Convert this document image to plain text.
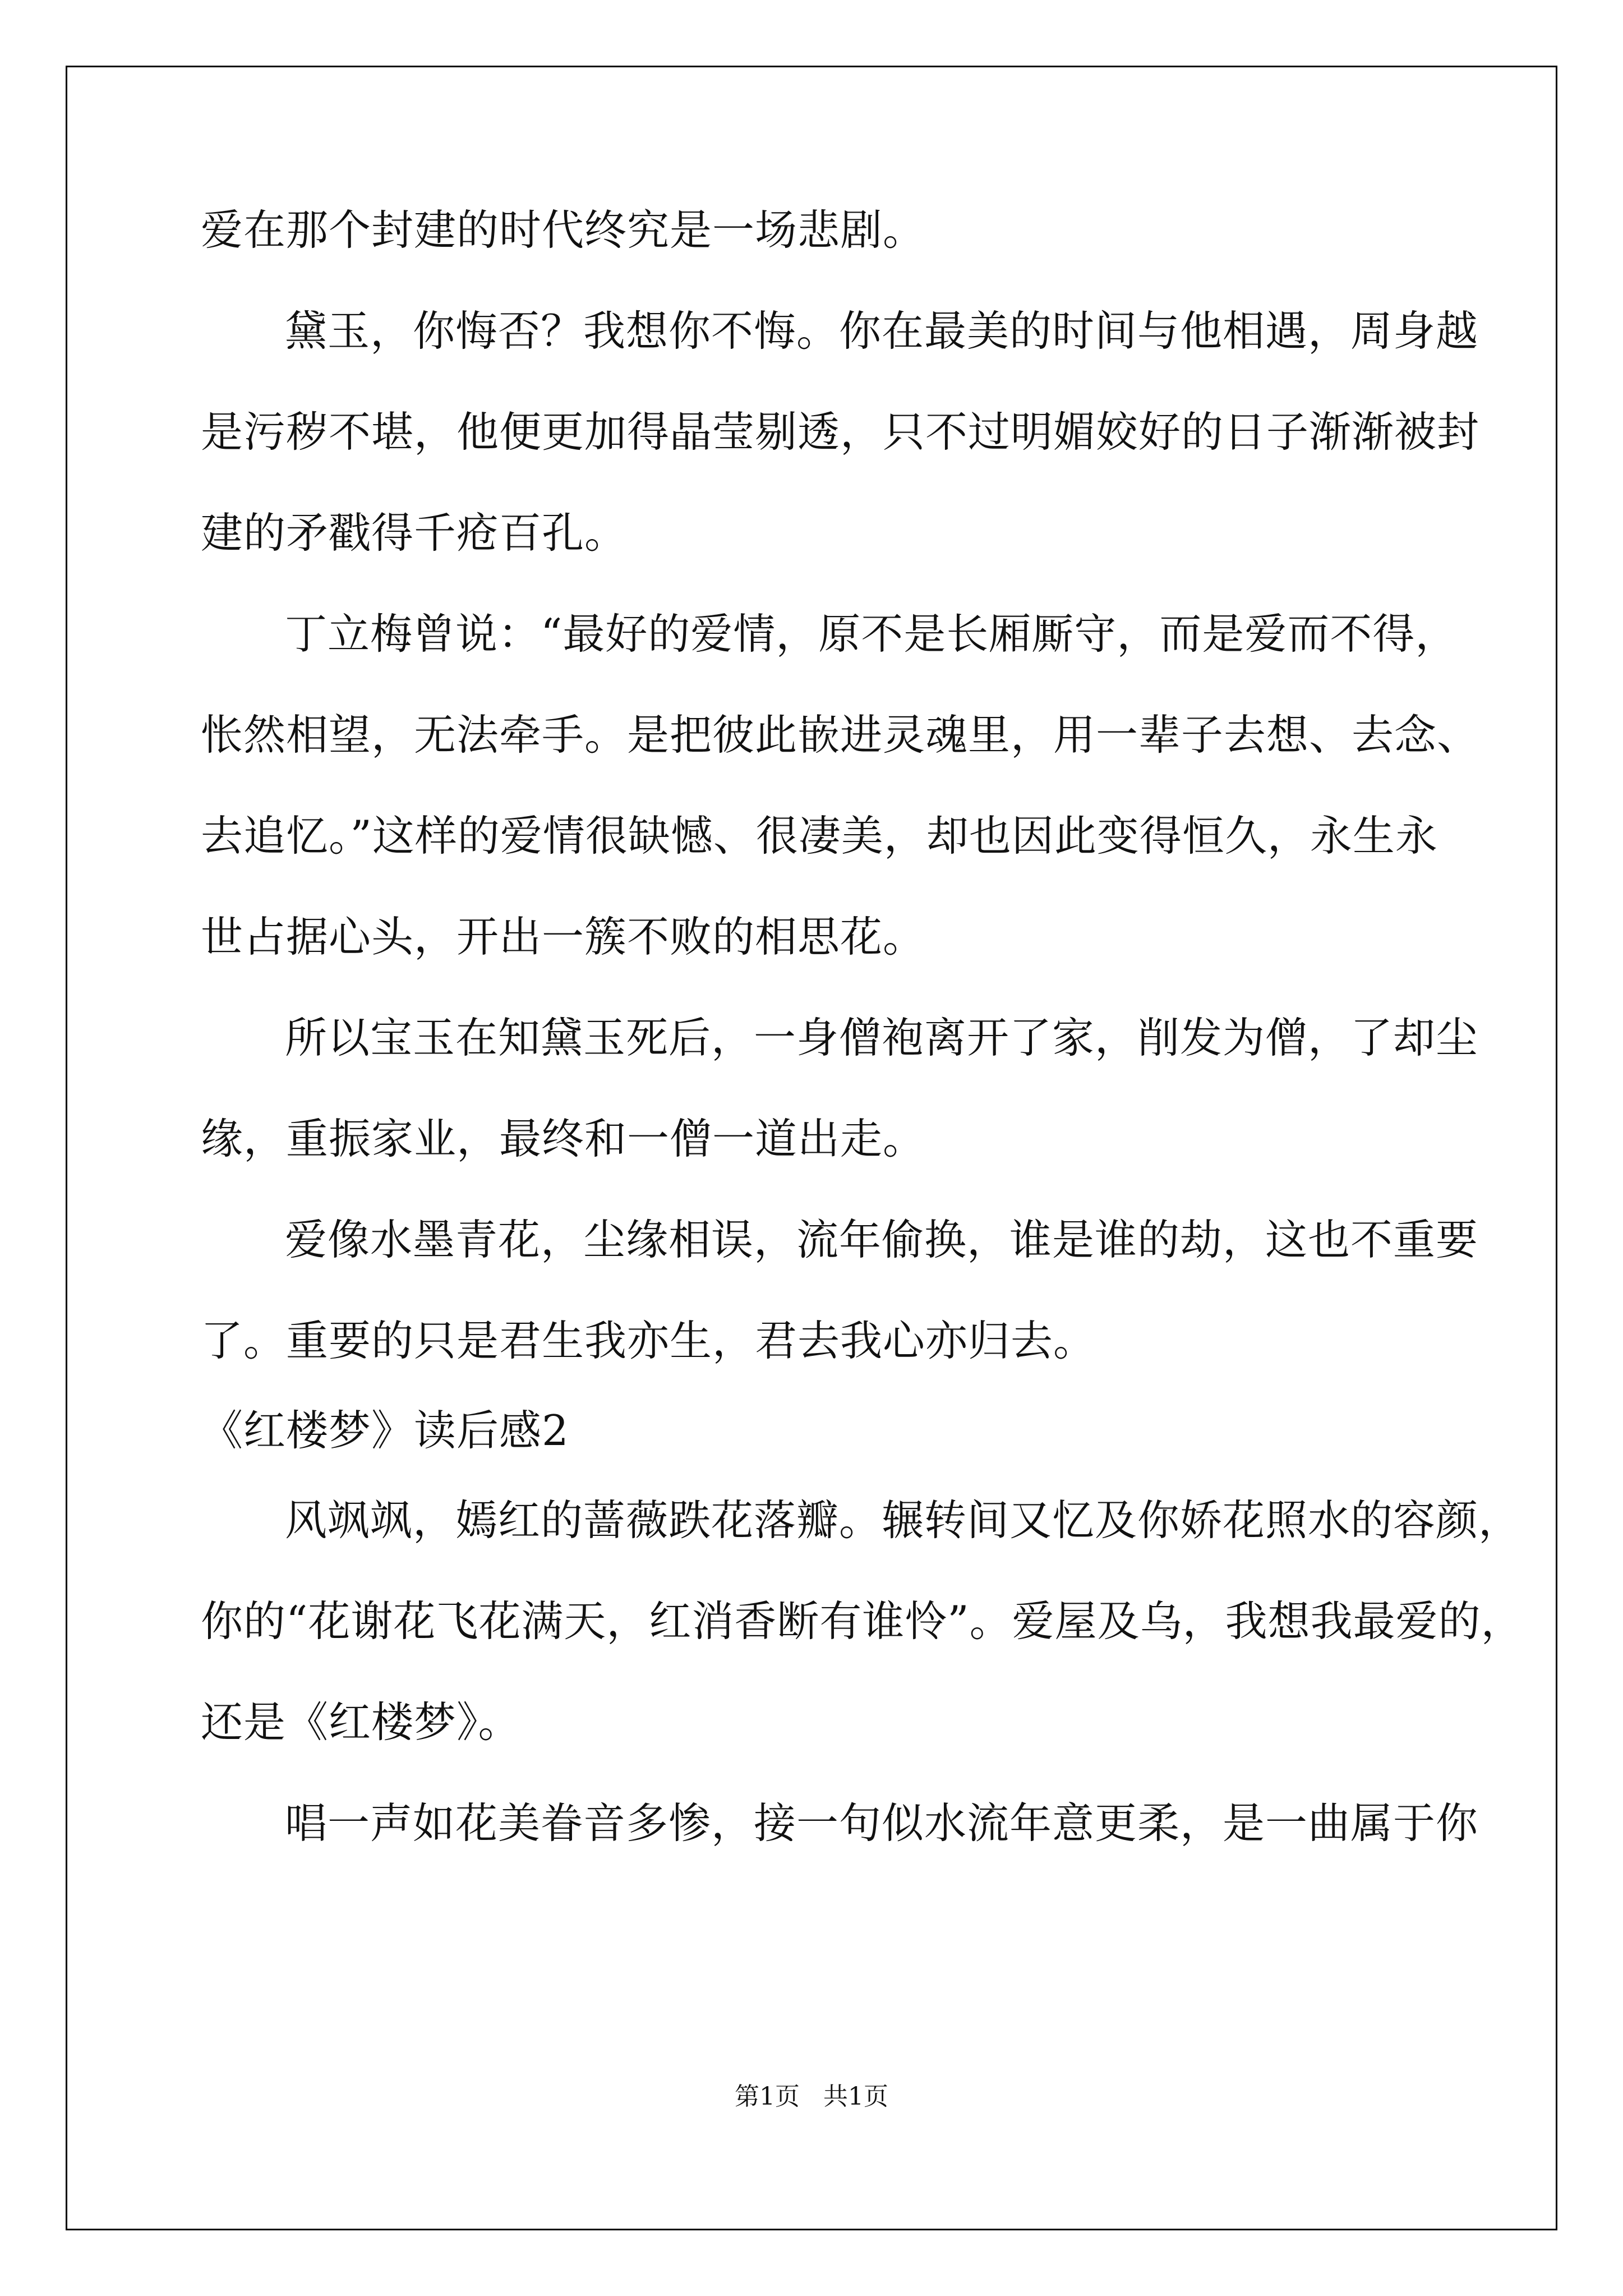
爱在那个封建的时代终究是一场悲剧。
黛玉，你悔否？我想你不悔。你在最美的时间与他相遇，周身越
是污秽不堪，他便更加得晶莹剔透，只不过明媚姣好的日子渐渐被封
建的矛戳得千疮百孔。
丁立梅曾说：“最好的爱情，原不是长厢厮守，而是爱而不得，
怅然相望，无法牵手。是把彼此嵌进灵魂里，用一辈子去想、去念、
去追忆。”这样的爱情很缺憾、很凄美，却也因此变得恒久，永生永
世占据心头，开出一簇不败的相思花。
所以宝玉在知黛玉死后，一身僧袍离开了家，削发为僧，了却尘
缘，重振家业，最终和一僧一道出走。
爱像水墨青花，尘缘相误，流年偷换，谁是谁的劫，这也不重要
了。重要的只是君生我亦生，君去我心亦归去。
《红楼梦》读后感2
风飒飒，嫣红的蔷薇跌花落瓣。辗转间又忆及你娇花照水的容颜，
你的“花谢花飞花满天，红消香断有谁怜”。爱屋及乌，我想我最爱的，
还是《红楼梦》。
唱一声如花美眷音多惨，接一句似水流年意更柔，是一曲属于你
第1页   共1页
